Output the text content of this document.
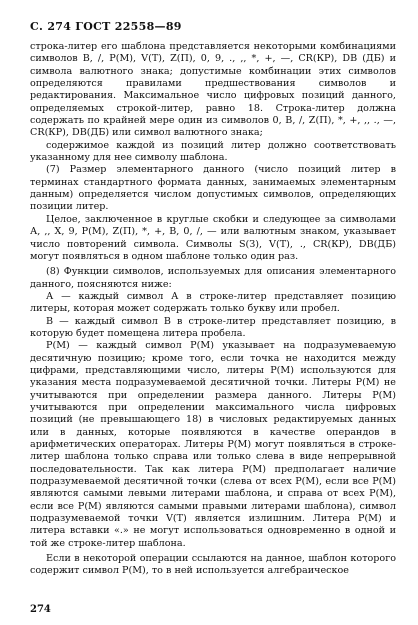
С. 274 ГОСТ 22558—89

строка-литер его шаблона представляется некоторыми комбинациями символов В, /, Р(М), V(Т), Z(П), 0, 9, ., ,, *, +, —, CR(КР), DB (ДБ) и символа валютного знака; допустимые комбинации этих символов определяются правилами предшествования символов и редактирования. Максимальное число цифровых позиций данного, определяемых строкой-литер, равно 18. Строка-литер должна содержать по крайней мере один из символов 0, В, /, Z(П), *, +, ,, ., —, CR(КР), DB(ДБ) или символ валютного знака;

содержимое каждой из позиций литер должно соответствовать указанному для нее символу шаблона.

(7) Размер элементарного данного (число позиций литер в терминах стандартного формата данных, занимаемых элементарным данным) определяется числом допустимых символов, определяющих позиции литер.

Целое, заключенное в круглые скобки и следующее за символами А, ,, X, 9, Р(М), Z(П), *, +, В, 0, /, — или валютным знаком, указывает число повторений символа. Символы S(З), V(Т), ., CR(КР), DB(ДБ) могут появляться в одном шаблоне только один раз.

(8) Функции символов, используемых для описания элементарного данного, поясняются ниже:

А — каждый символ А в строке-литер представляет позицию литеры, которая может содержать только букву или пробел.

В — каждый символ В в строке-литер представляет позицию, в которую будет помещена литера пробела.

Р(М) — каждый символ Р(М) указывает на подразумеваемую десятичную позицию; кроме того, если точка не находится между цифрами, представляющими число, литеры Р(М) используются для указания места подразумеваемой десятичной точки. Литеры Р(М) не учитываются при определении размера данного. Литеры Р(М) учитываются при определении максимального числа цифровых позиций (не превышающего 18) в числовых редактируемых данных или в данных, которые появляются в качестве операндов в арифметических операторах. Литеры Р(М) могут появляться в строке-литер шаблона только справа или только слева в виде непрерывной последовательности. Так как литера Р(М) предполагает наличие подразумеваемой десятичной точки (слева от всех Р(М), если все Р(М) являются самыми левыми литерами шаблона, и справа от всех Р(М), если все Р(М) являются самыми правыми литерами шаблона), символ подразумеваемой точки V(Т) является излишним. Литера Р(М) и литера вставки «.» не могут использоваться одновременно в одной и той же строке-литер шаблона.

Если в некоторой операции ссылаются на данное, шаблон которого содержит символ Р(М), то в ней используется алгебраическое

274
